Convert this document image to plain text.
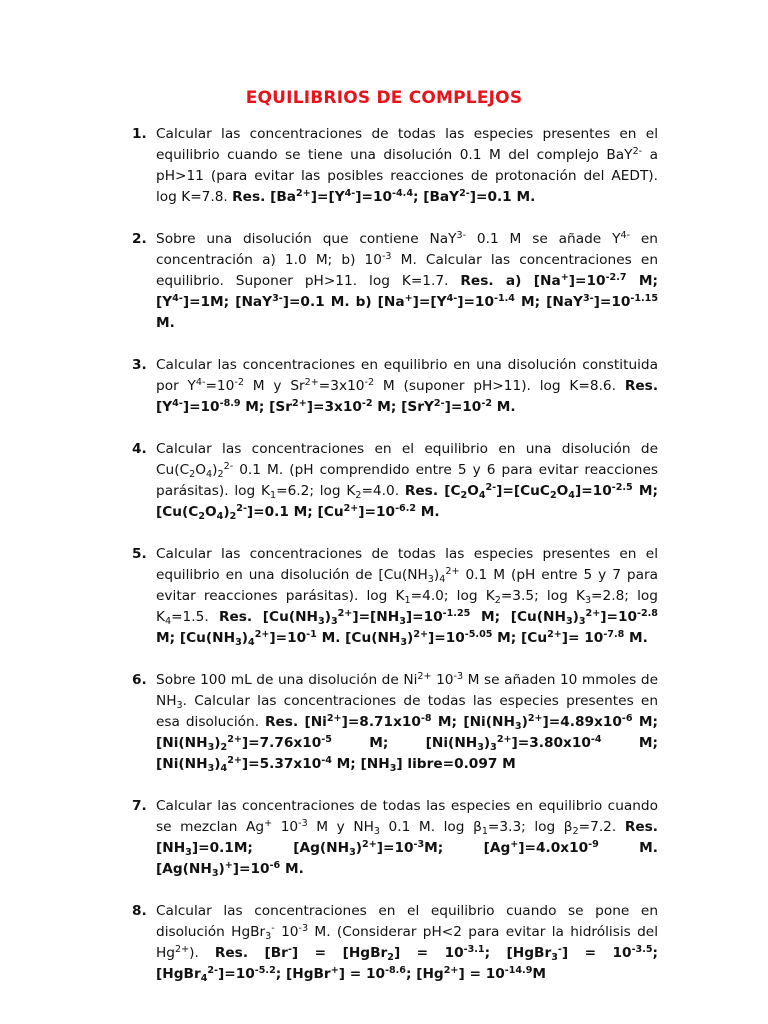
EQUILIBRIOS DE COMPLEJOS
1. Calcular las concentraciones de todas las especies presentes en el equilibrio cuando se tiene una disolución 0.1 M del complejo BaY$^{2-}$ a pH>11 (para evitar las posibles reacciones de protonación del AEDT). log K=7.8. Res. $[Ba^{2+}]=[Y^{4-}]=10^{-4.4}$; [BaY$^{2-}$]=0.1 M.
2. Sobre una disolución que contiene NaY$^{3-}$ 0.1 M se añade $Y^{4-}$ en concentración a) 1.0 M; b) $10^{-3}$ M. Calcular las concentraciones en equilibrio. Suponer pH>11. log K=1.7. Res. a) $[Na^+]=10^{-2.7}$ M; $[Y^{4-}]=1M$; [NaY$^{3-}$]=0.1 M. b) $[Na^+]=[Y^{4-}]=10^{-1.4}$ M; $[NaY^{3-}]=10^{-1.15}$ M.
3. Calcular las concentraciones en equilibrio en una disolución constituida por $Y^{4-}=10^{-2}$ M y $Sr^{2+}=3x10^{-2}$ M (suponer pH>11). log K=8.6. Res. $[Y^{4-}]=10^{-8.9}$ M; $[Sr^{2+}]=3x10^{-2}$ M; $[SrY^{2-}]=10^{-2}$ M.
4. Calcular las concentraciones en el equilibrio en una disolución de $Cu(C_2O_4)_2^{2-}$ 0.1 M. (pH comprendido entre 5 y 6 para evitar reacciones parásitas). $\log K_1=6.2$; $\log K_2=4.0$. Res. $[C_2O_4^{2-}]=[CuC_2O_4]=10^{-2.5}$ M; $[Cu(C_2O_4)_2^{2-}]=0.1$ M; $[Cu^{2+}]=10^{-6.2}$ M.
5. Calcular las concentraciones de todas las especies presentes en el equilibrio en una disolución de [$Cu(NH_3)_4^{2+}$ 0.1 M (pH entre 5 y 7 para evitar reacciones parásitas). $\log K_1=4.0$; $\log K_2=3.5$; $\log K_3=2.8$; $\log K_4=1.5$. Res. $[Cu(NH_3)_3^{2+}]=[NH_3]=10^{-1.25}$ M; $[Cu(NH_3)_3^{2+}]=10^{-2.8}$ M; $[Cu(NH_3)_4^{2+}]=10^{-1}$ M. $[Cu(NH_3)^{2+}]=10^{-5.05}$ M; $[Cu^{2+}]= 10^{-7.8}$ M.
6. Sobre 100 mL de una disolución de $Ni^{2+}$ $10^{-3}$ M se añaden 10 mmoles de $NH_3$. Calcular las concentraciones de todas las especies presentes en esa disolución. Res. $[Ni^{2+}]=8.71x10^{-8}$ M; $[Ni(NH_3)^{2+}]=4.89x10^{-6}$ M; $[Ni(NH_3)_2^{2+}]=7.76x10^{-5}$ M; $[Ni(NH_3)_3^{2+}]=3.80x10^{-4}$ M; $[Ni(NH_3)_4^{2+}]=5.37x10^{-4}$ M; $[NH_3]$ libre=0.097 M
7. Calcular las concentraciones de todas las especies en equilibrio cuando se mezclan Ag+ $10^{-3}$ M y $NH_3$ 0.1 M. $\log \beta_1=3.3$; $\log \beta_2=7.2$. Res. $[NH_3]=0.1M$; $[Ag(NH_3)^{2+}]=10^{-3}M$; $[Ag^+]=4.0x10^{-9}$ M. $[Ag(NH_3)^+]=10^{-6}$ M.
8. Calcular las concentraciones en el equilibrio cuando se pone en disolución HgBr$_3$- $10^{-3}$ M. (Considerar pH<2 para evitar la hidrólisis del $Hg^{2+}$). Res. [Br-] = [HgBr$_2$] = $10^{-3.1}$; [HgBr$_3$-] = $10^{-3.5}$; $[HgBr_4^{2-}]=10^{-5.2}$; [HgBr+] = $10^{-8.6}$; $[Hg^{2+}] = 10^{-14.9}M$
